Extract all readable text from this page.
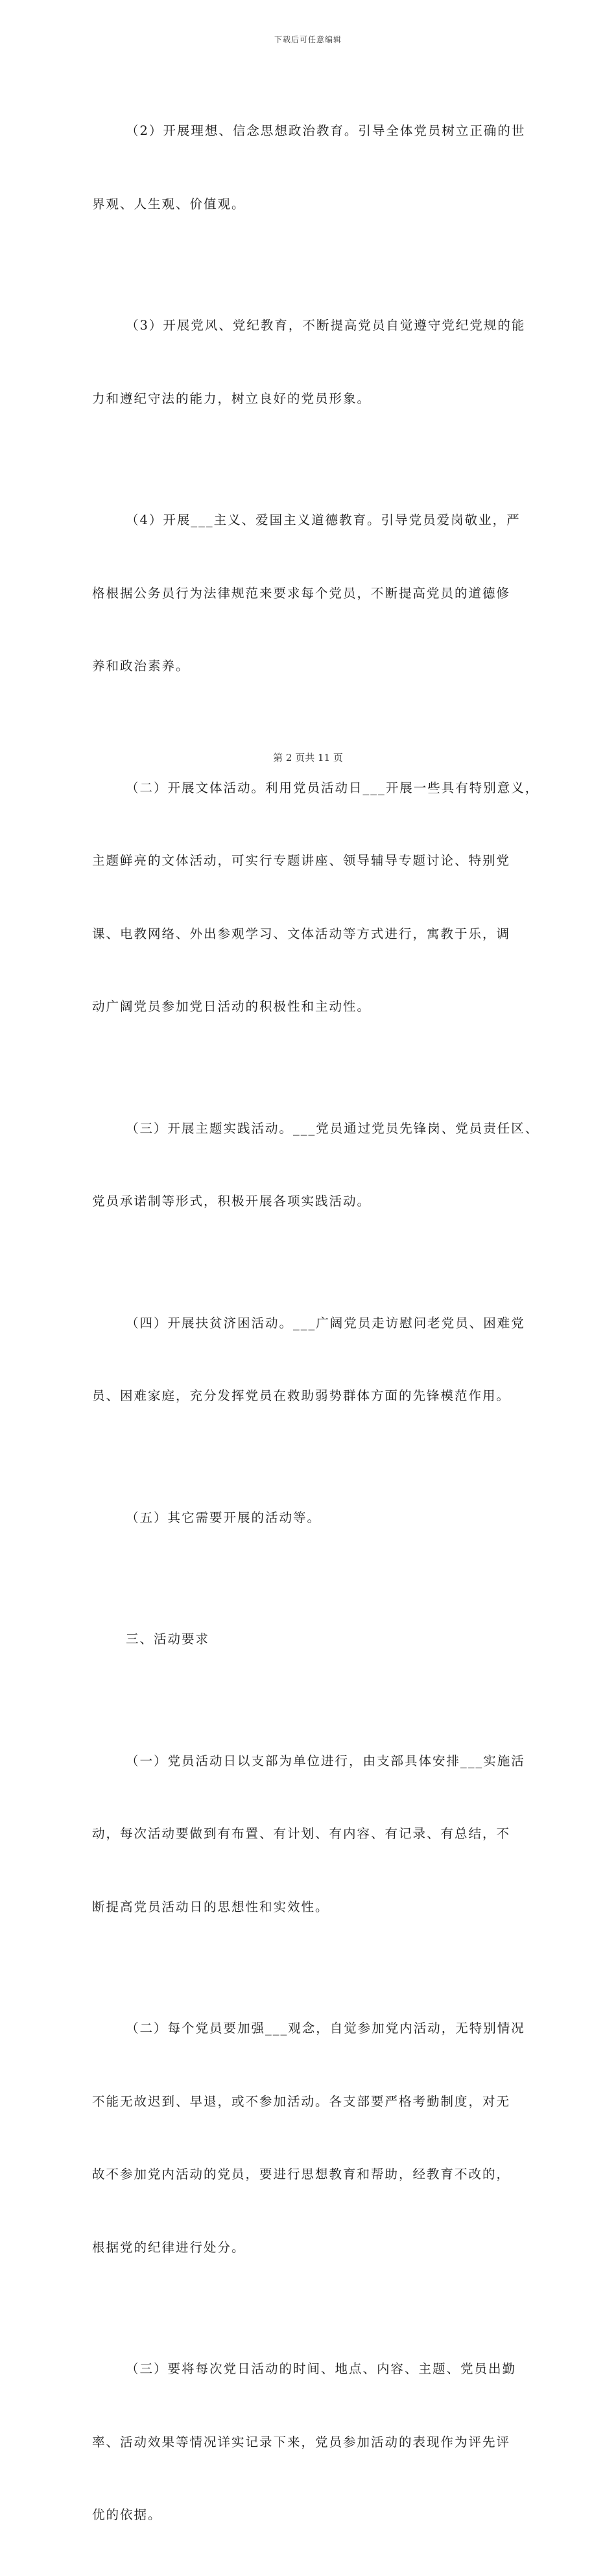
下载后可任意编辑

（2）开展理想、信念思想政治教育。引导全体党员树立正确的世

界观、人生观、价值观。

（3）开展党风、党纪教育，不断提高党员自觉遵守党纪党规的能

力和遵纪守法的能力，树立良好的党员形象。

（4）开展___主义、爱国主义道德教育。引导党员爱岗敬业，严

格根据公务员行为法律规范来要求每个党员，不断提高党员的道德修

养和政治素养。

（二）开展文体活动。利用党员活动日___开展一些具有特别意义，

主题鲜亮的文体活动，可实行专题讲座、领导辅导专题讨论、特别党

课、电教网络、外出参观学习、文体活动等方式进行，寓教于乐，调

动广阔党员参加党日活动的积极性和主动性。

（三）开展主题实践活动。___党员通过党员先锋岗、党员责任区、

党员承诺制等形式，积极开展各项实践活动。

（四）开展扶贫济困活动。___广阔党员走访慰问老党员、困难党

员、困难家庭，充分发挥党员在救助弱势群体方面的先锋模范作用。

（五）其它需要开展的活动等。

三、活动要求

（一）党员活动日以支部为单位进行，由支部具体安排___实施活

动，每次活动要做到有布置、有计划、有内容、有记录、有总结，不

断提高党员活动日的思想性和实效性。

（二）每个党员要加强___观念，自觉参加党内活动，无特别情况

不能无故迟到、早退，或不参加活动。各支部要严格考勤制度，对无

故不参加党内活动的党员，要进行思想教育和帮助，经教育不改的，

根据党的纪律进行处分。

（三）要将每次党日活动的时间、地点、内容、主题、党员出勤

率、活动效果等情况详实记录下来，党员参加活动的表现作为评先评

优的依据。

第 2 页共 11 页
